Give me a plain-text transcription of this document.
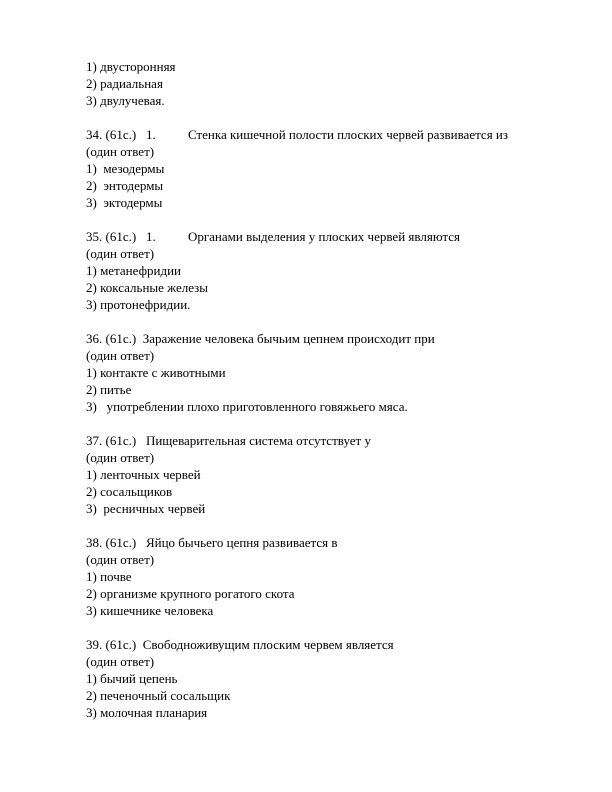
1) двусторонняя
2) радиальная
3) двулучевая.
34. (61с.) 1. Стенка кишечной полости плоских червей развивается из
(один ответ)
1)  мезодермы
2)  энтодермы
3)  эктодермы
35. (61с.) 1. Органами выделения у плоских червей являются
(один ответ)
1) метанефридии
2) коксальные железы
3) протонефридии.
36. (61с.) Заражение человека бычьим цепнем происходит при
(один ответ)
1) контакте с животными
2) питье
3)   употреблении плохо приготовленного говяжьего мяса.
37. (61с.) Пищеварительная система отсутствует у
(один ответ)
1) ленточных червей
2) сосальщиков
3)  ресничных червей
38. (61с.) Яйцо бычьего цепня развивается в
(один ответ)
1) почве
2) организме крупного рогатого скота
3) кишечнике человека
39. (61с.) Свободноживущим плоским червем является
(один ответ)
1) бычий цепень
2) печеночный сосальщик
3) молочная планария
